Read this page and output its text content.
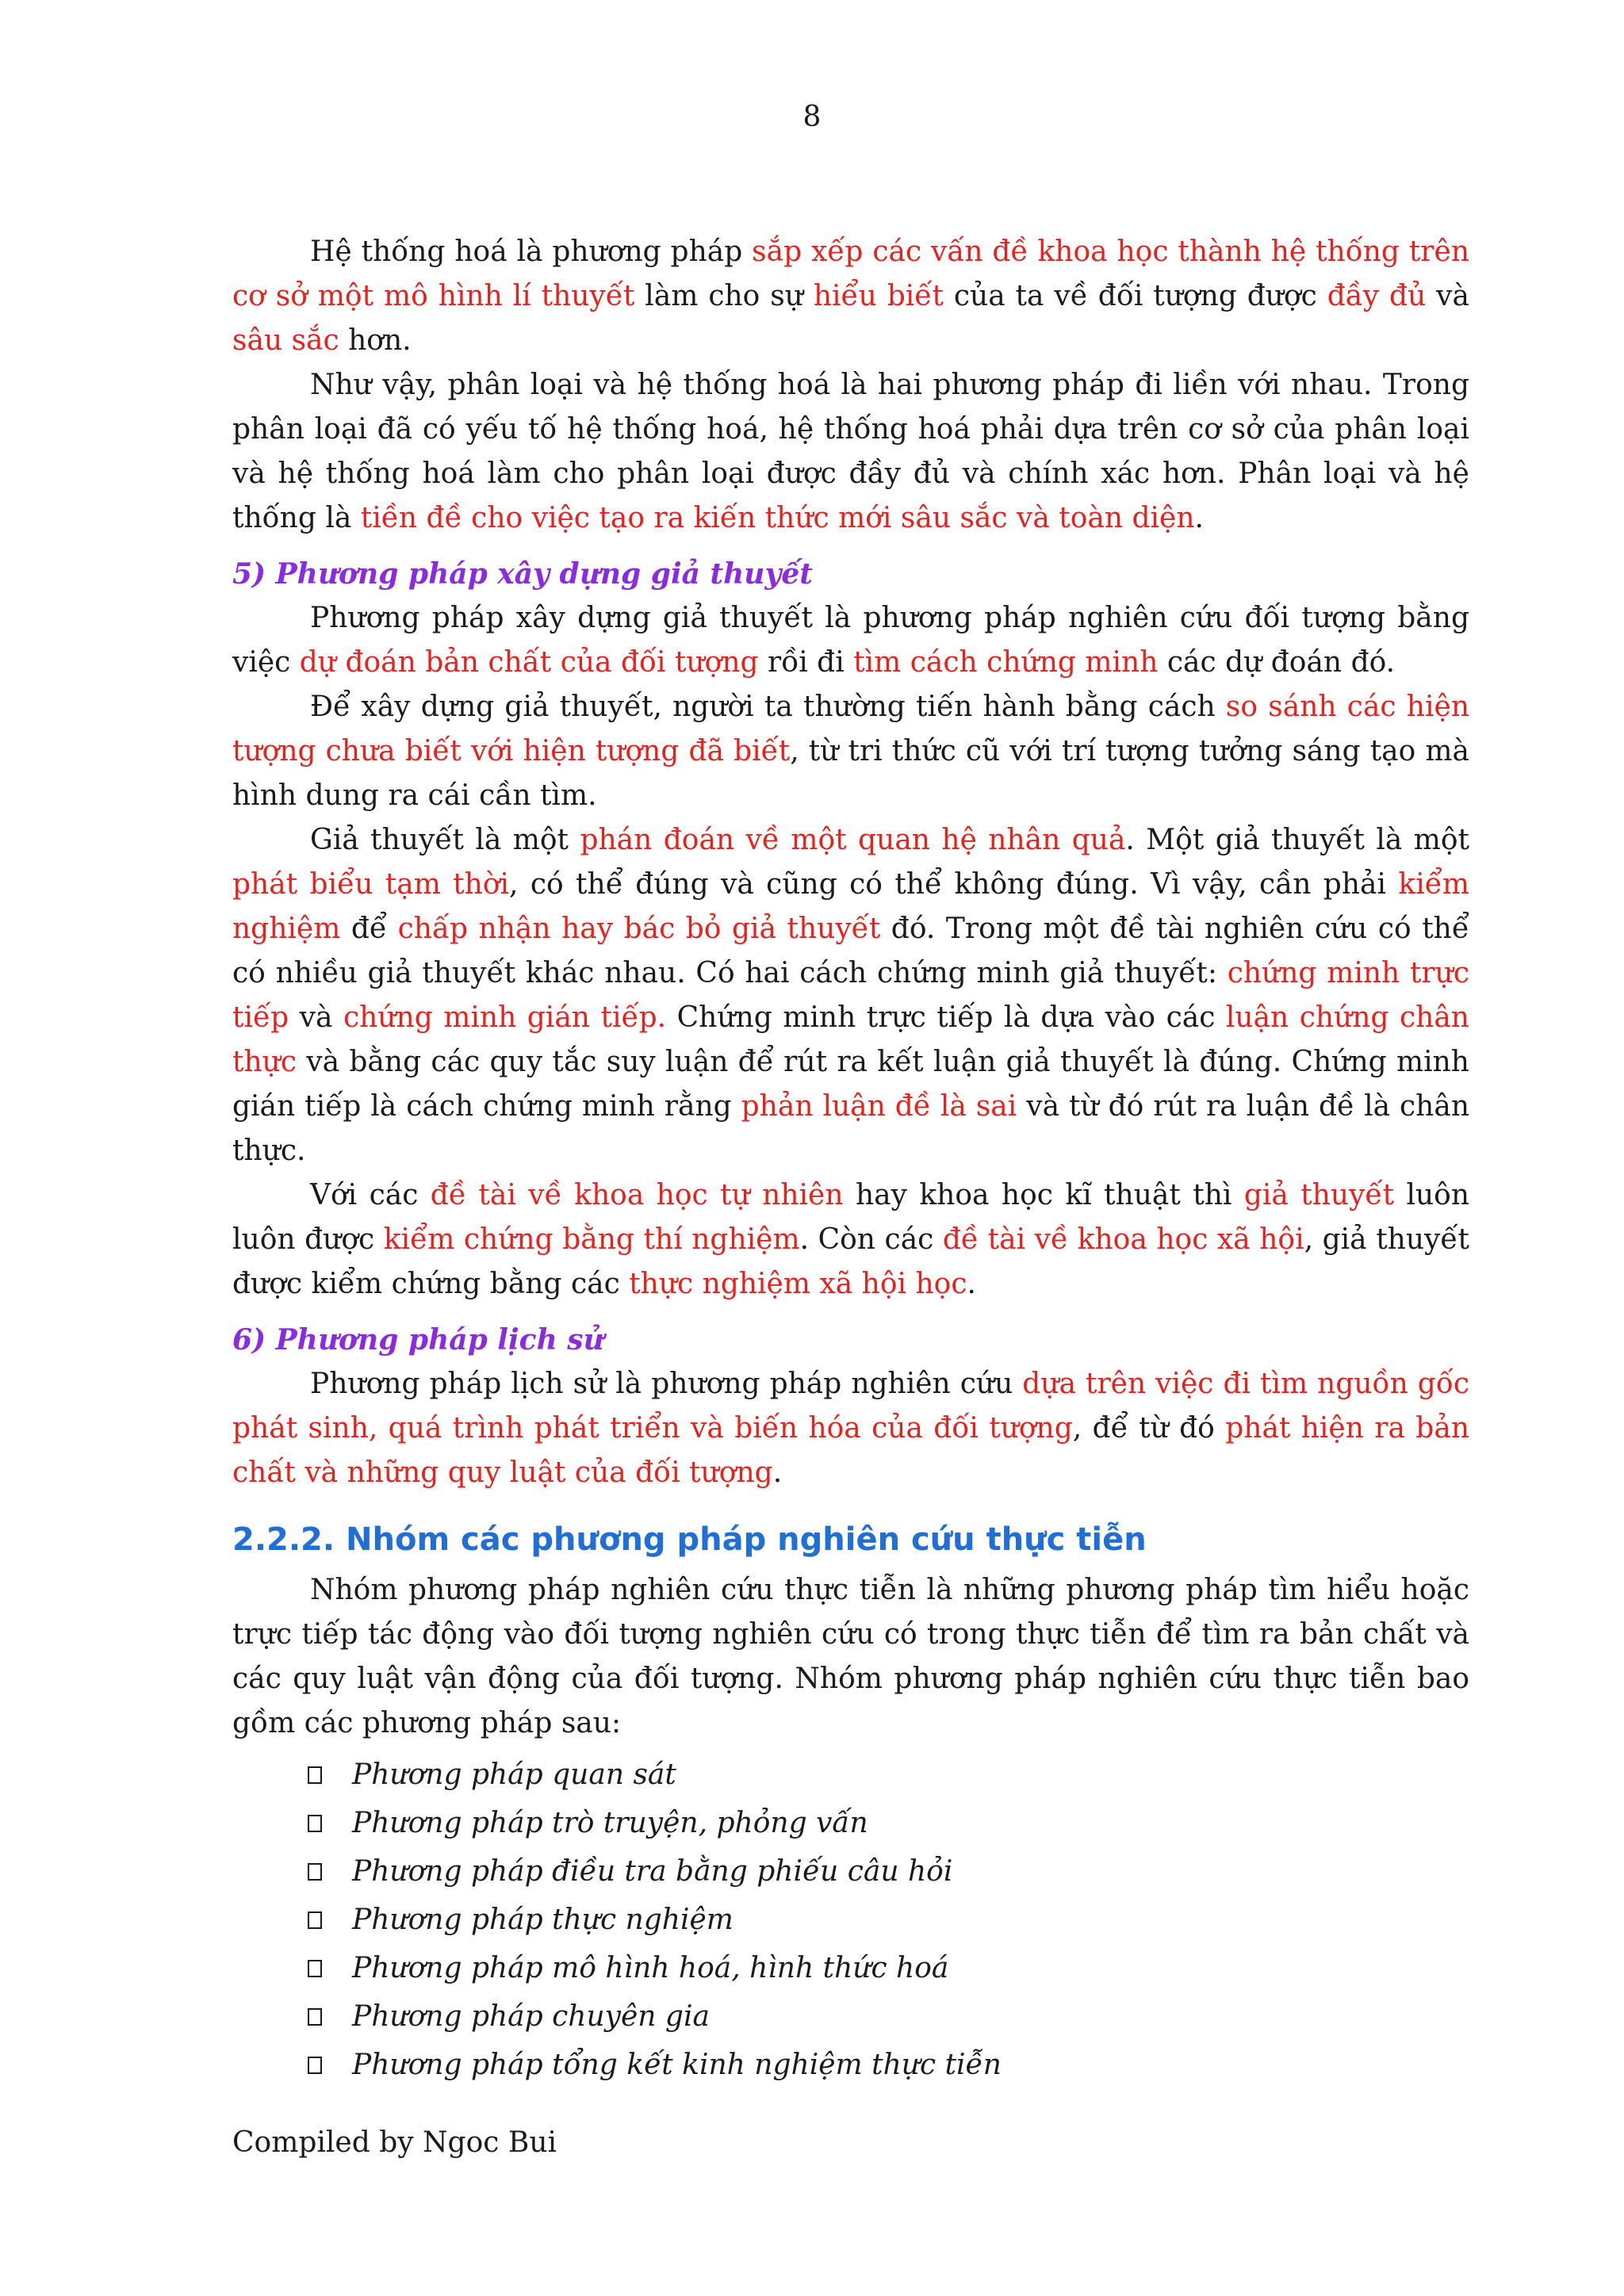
8

Hệ thống hoá là phương pháp sắp xếp các vấn đề khoa học thành hệ thống trên cơ sở một mô hình lí thuyết làm cho sự hiểu biết của ta về đối tượng được đầy đủ và sâu sắc hơn.

Như vậy, phân loại và hệ thống hoá là hai phương pháp đi liền với nhau. Trong phân loại đã có yếu tố hệ thống hoá, hệ thống hoá phải dựa trên cơ sở của phân loại và hệ thống hoá làm cho phân loại được đầy đủ và chính xác hơn. Phân loại và hệ thống là tiền đề cho việc tạo ra kiến thức mới sâu sắc và toàn diện.

5) Phương pháp xây dựng giả thuyết

Phương pháp xây dựng giả thuyết là phương pháp nghiên cứu đối tượng bằng việc dự đoán bản chất của đối tượng rồi đi tìm cách chứng minh các dự đoán đó.

Để xây dựng giả thuyết, người ta thường tiến hành bằng cách so sánh các hiện tượng chưa biết với hiện tượng đã biết, từ tri thức cũ với trí tượng tưởng sáng tạo mà hình dung ra cái cần tìm.

Giả thuyết là một phán đoán về một quan hệ nhân quả. Một giả thuyết là một phát biểu tạm thời, có thể đúng và cũng có thể không đúng. Vì vậy, cần phải kiểm nghiệm để chấp nhận hay bác bỏ giả thuyết đó. Trong một đề tài nghiên cứu có thể có nhiều giả thuyết khác nhau. Có hai cách chứng minh giả thuyết: chứng minh trực tiếp và chứng minh gián tiếp. Chứng minh trực tiếp là dựa vào các luận chứng chân thực và bằng các quy tắc suy luận để rút ra kết luận giả thuyết là đúng. Chứng minh gián tiếp là cách chứng minh rằng phản luận đề là sai và từ đó rút ra luận đề là chân thực.

Với các đề tài về khoa học tự nhiên hay khoa học kĩ thuật thì giả thuyết luôn luôn được kiểm chứng bằng thí nghiệm. Còn các đề tài về khoa học xã hội, giả thuyết được kiểm chứng bằng các thực nghiệm xã hội học.

6) Phương pháp lịch sử

Phương pháp lịch sử là phương pháp nghiên cứu dựa trên việc đi tìm nguồn gốc phát sinh, quá trình phát triển và biến hóa của đối tượng, để từ đó phát hiện ra bản chất và những quy luật của đối tượng.

2.2.2. Nhóm các phương pháp nghiên cứu thực tiễn

Nhóm phương pháp nghiên cứu thực tiễn là những phương pháp tìm hiểu hoặc trực tiếp tác động vào đối tượng nghiên cứu có trong thực tiễn để tìm ra bản chất và các quy luật vận động của đối tượng. Nhóm phương pháp nghiên cứu thực tiễn bao gồm các phương pháp sau:

Phương pháp quan sát
Phương pháp trò truyện, phỏng vấn
Phương pháp điều tra bằng phiếu câu hỏi
Phương pháp thực nghiệm
Phương pháp mô hình hoá, hình thức hoá
Phương pháp chuyên gia
Phương pháp tổng kết kinh nghiệm thực tiễn
Compiled by Ngoc Bui
